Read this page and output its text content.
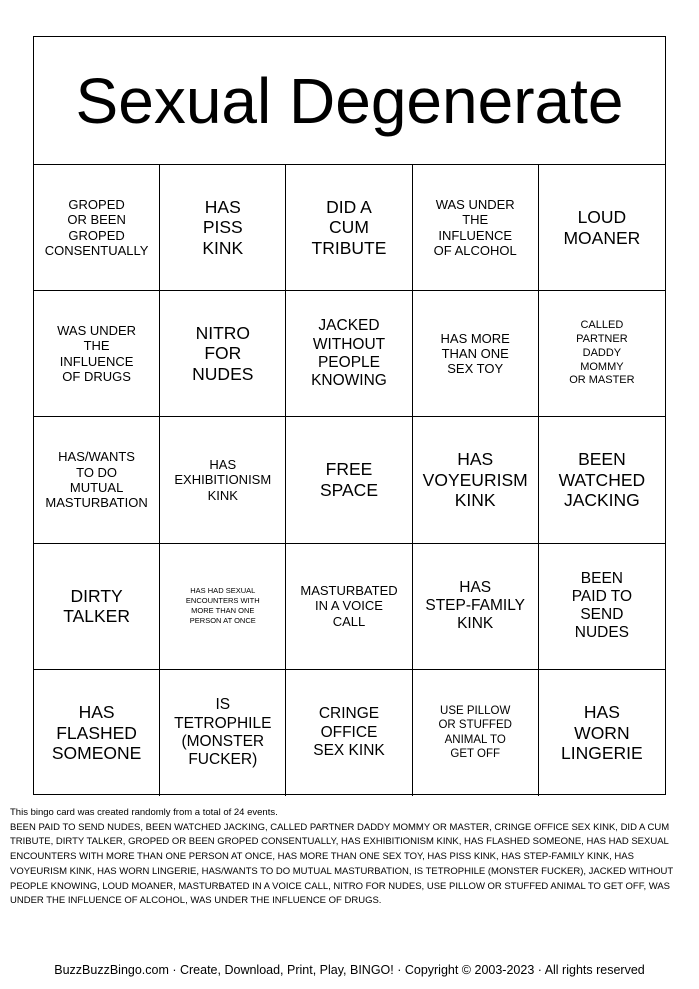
Sexual Degenerate
GROPED
OR BEEN
GROPED
CONSENTUALLY
HAS
PISS
KINK
DID A
CUM
TRIBUTE
WAS UNDER
THE
INFLUENCE
OF ALCOHOL
LOUD
MOANER
WAS UNDER
THE
INFLUENCE
OF DRUGS
NITRO
FOR
NUDES
JACKED
WITHOUT
PEOPLE
KNOWING
HAS MORE
THAN ONE
SEX TOY
CALLED
PARTNER
DADDY
MOMMY
OR MASTER
HAS/WANTS
TO DO
MUTUAL
MASTURBATION
HAS
EXHIBITIONISM
KINK
FREE
SPACE
HAS
VOYEURISM
KINK
BEEN
WATCHED
JACKING
DIRTY
TALKER
HAS HAD SEXUAL
ENCOUNTERS WITH
MORE THAN ONE
PERSON AT ONCE
MASTURBATED
IN A VOICE
CALL
HAS
STEP-FAMILY
KINK
BEEN
PAID TO
SEND
NUDES
HAS
FLASHED
SOMEONE
IS
TETROPHILE
(MONSTER
FUCKER)
CRINGE
OFFICE
SEX KINK
USE PILLOW
OR STUFFED
ANIMAL TO
GET OFF
HAS
WORN
LINGERIE

This bingo card was created randomly from a total of 24 events.

BEEN PAID TO SEND NUDES, BEEN WATCHED JACKING, CALLED PARTNER DADDY MOMMY OR MASTER, CRINGE OFFICE SEX KINK, DID A CUM TRIBUTE, DIRTY TALKER, GROPED OR BEEN GROPED CONSENTUALLY, HAS EXHIBITIONISM KINK, HAS FLASHED SOMEONE, HAS HAD SEXUAL ENCOUNTERS WITH MORE THAN ONE PERSON AT ONCE, HAS MORE THAN ONE SEX TOY, HAS PISS KINK, HAS STEP-FAMILY KINK, HAS VOYEURISM KINK, HAS WORN LINGERIE, HAS/WANTS TO DO MUTUAL MASTURBATION, IS TETROPHILE (MONSTER FUCKER), JACKED WITHOUT PEOPLE KNOWING, LOUD MOANER, MASTURBATED IN A VOICE CALL, NITRO FOR NUDES, USE PILLOW OR STUFFED ANIMAL TO GET OFF, WAS UNDER THE INFLUENCE OF ALCOHOL, WAS UNDER THE INFLUENCE OF DRUGS.

BuzzBuzzBingo.com · Create, Download, Print, Play, BINGO! · Copyright © 2003-2023 · All rights reserved
